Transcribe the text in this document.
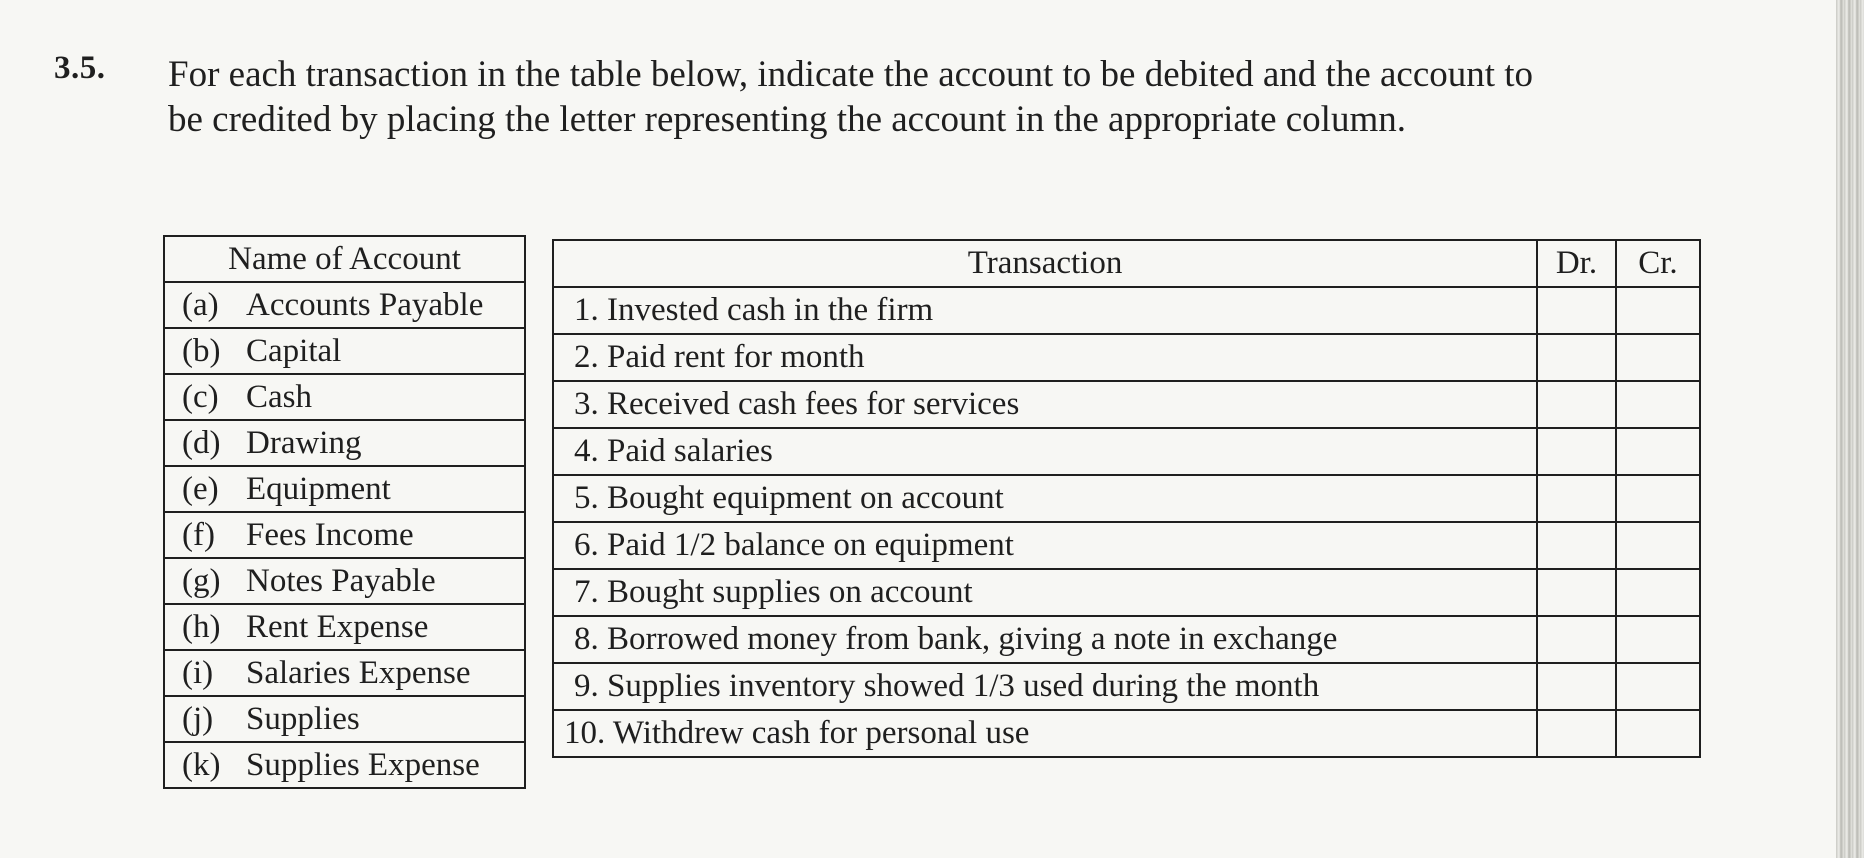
3.5. For each transaction in the table below, indicate the account to be debited and the account to
be credited by placing the letter representing the account in the appropriate column.
Name of Account
(a) Accounts Payable
(b) Capital
(c) Cash
(d) Drawing
(e) Equipment
(f) Fees Income
(g) Notes Payable
(h) Rent Expense
(i) Salaries Expense
(j) Supplies
(k) Supplies Expense
Transaction	Dr.	Cr.
1. Invested cash in the firm		
2. Paid rent for month		
3. Received cash fees for services		
4. Paid salaries		
5. Bought equipment on account		
6. Paid 1/2 balance on equipment		
7. Bought supplies on account		
8. Borrowed money from bank, giving a note in exchange		
9. Supplies inventory showed 1/3 used during the month		
10. Withdrew cash for personal use		
